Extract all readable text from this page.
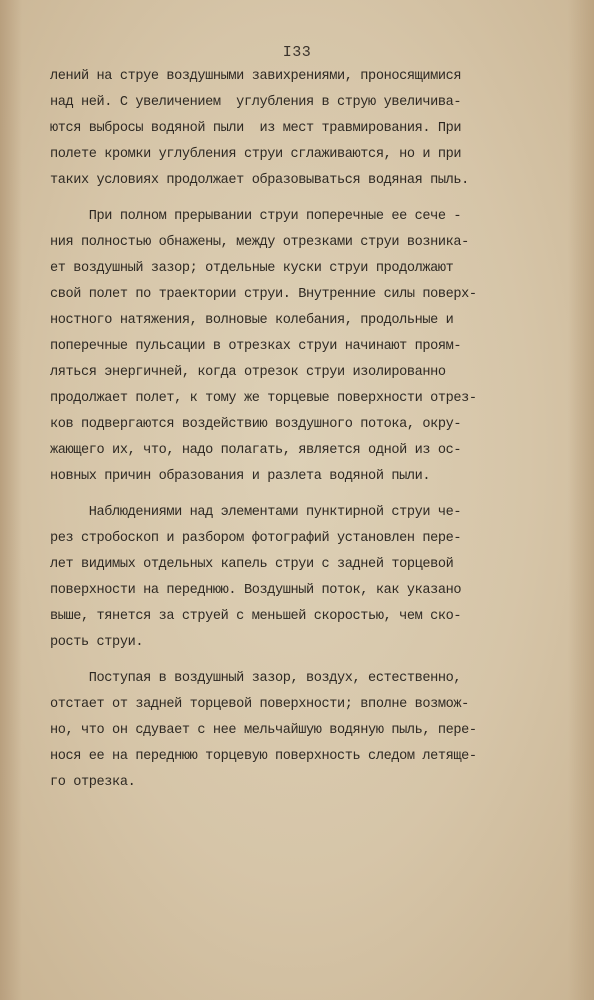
I33
лений на струе воздушными завихрениями, проносящимися
над ней. С увеличением  углубления в струю увеличива-
ются выбросы водяной пыли  из мест травмирования. При
полете кромки углубления струи сглаживаются, но и при
таких условиях продолжает образовываться водяная пыль.
При полном прерывании струи поперечные ее сече -
ния полностью обнажены, между отрезками струи возника-
ет воздушный зазор; отдельные куски струи продолжают
свой полет по траектории струи. Внутренние силы поверх-
ностного натяжения, волновые колебания, продольные и
поперечные пульсации в отрезках струи начинают проям-
ляться энергичней, когда отрезок струи изолированно
продолжает полет, к тому же торцевые поверхности отрез-
ков подвергаются воздействию воздушного потока, окру-
жающего их, что, надо полагать, является одной из ос-
новных причин образования и разлета водяной пыли.
Наблюдениями над элементами пунктирной струи че-
рез стробоскоп и разбором фотографий установлен пере-
лет видимых отдельных капель струи с задней торцевой
поверхности на переднюю. Воздушный поток, как указано
выше, тянется за струей с меньшей скоростью, чем ско-
рость струи.
Поступая в воздушный зазор, воздух, естественно,
отстает от задней торцевой поверхности; вполне возмож-
но, что он сдувает с нее мельчайшую водяную пыль, пере-
нося ее на переднюю торцевую поверхность следом летяще-
го отрезка.
